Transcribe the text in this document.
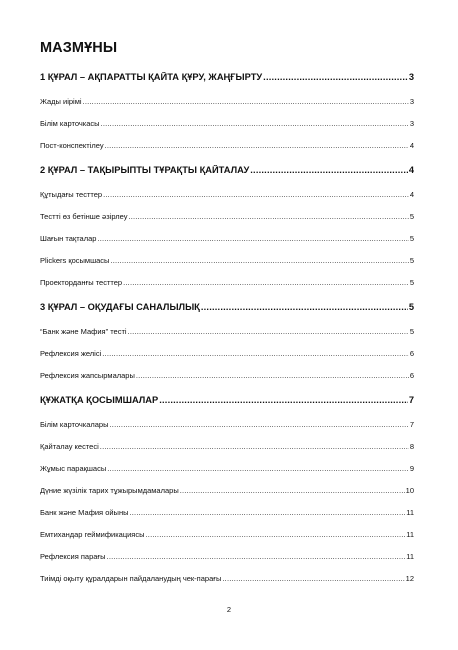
МАЗМҰНЫ
1 ҚҰРАЛ – АҚПАРАТТЫ ҚАЙТА ҚҰРУ, ЖАҢҒЫРТУ .....	3
Жады иірімі .....	3
Білім карточкасы .....	3
Пост-конспектілеу .....	4
2 ҚҰРАЛ – ТАҚЫРЫПТЫ ТҰРАҚТЫ ҚАЙТАЛАУ .....	4
Құтыдағы тесттер .....	4
Тестті өз бетінше әзірлеу .....	5
Шағын тақталар .....	5
Plickers қосымшасы .....	5
Проекторданғы тесттер .....	5
3 ҚҰРАЛ – ОҚУДАҒЫ САНАЛЫЛЫҚ .....	5
“Банк және Мафия” тесті .....	5
Рефлексия желісі .....	6
Рефлексия жапсырмалары .....	6
ҚҰЖАТҚА ҚОСЫМШАЛАР .....	7
Білім карточкалары .....	7
Қайталау кестесі .....	8
Жұмыс парақшасы .....	9
Дүние жүзілік тарих тұжырымдамалары .....	10
Банк және Мафия ойыны .....	11
Емтихандар геймификациясы .....	11
Рефлексия парағы .....	11
Тиімді оқыту құралдарын пайдаланудың чек-парағы .....	12
2
